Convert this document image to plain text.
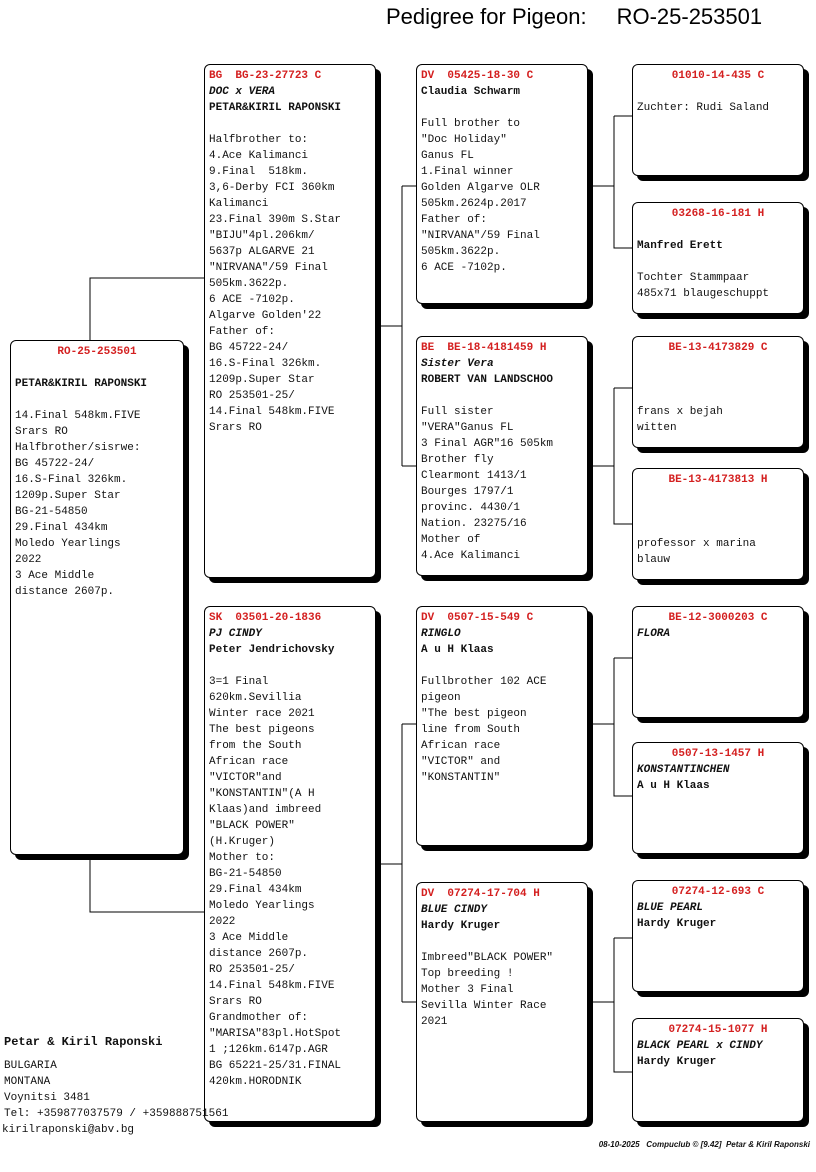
Pedigree for Pigeon: RO-25-253501
RO-25-253501
PETAR&KIRIL RAPONSKI
14.Final 548km.FIVE
Srars RO
Halfbrother/sisrwe:
BG 45722-24/
16.S-Final 326km.
1209p.Super Star
BG-21-54850
29.Final 434km
Moledo Yearlings
2022
3 Ace Middle
distance 2607p.
BG  BG-23-27723 C
DOC x VERA
PETAR&KIRIL RAPONSKI
Halfbrother to:
4.Ace Kalimanci
9.Final  518km.
3,6-Derby FCI 360km
Kalimanci
23.Final 390m S.Star
"BIJU"4pl.206km/
5637p ALGARVE 21
"NIRVANA"/59 Final
505km.3622p.
6 ACE -7102p.
Algarve Golden'22
Father of:
BG 45722-24/
16.S-Final 326km.
1209p.Super Star
RO 253501-25/
14.Final 548km.FIVE
Srars RO
SK  03501-20-1836
PJ CINDY
Peter Jendrichovsky
3=1 Final
620km.Sevillia
Winter race 2021
The best pigeons
from the South
African race
"VICTOR"and
"KONSTANTIN"(A H
Klaas)and imbreed
"BLACK POWER"
(H.Kruger)
Mother to:
BG-21-54850
29.Final 434km
Moledo Yearlings
2022
3 Ace Middle
distance 2607p.
RO 253501-25/
14.Final 548km.FIVE
Srars RO
Grandmother of:
"MARISA"83pl.HotSpot
1 ;126km.6147p.AGR
BG 65221-25/31.FINAL
420km.HORODNIK
DV  05425-18-30 C
Claudia Schwarm
Full brother to
"Doc Holiday"
Ganus FL
1.Final winner
Golden Algarve OLR
505km.2624p.2017
Father of:
"NIRVANA"/59 Final
505km.3622p.
6 ACE -7102p.
BE  BE-18-4181459 H
Sister Vera
ROBERT VAN LANDSCHOO
Full sister
"VERA"Ganus FL
3 Final AGR"16 505km
Brother fly
Clearmont 1413/1
Bourges 1797/1
provinc. 4430/1
Nation. 23275/16
Mother of
4.Ace Kalimanci
DV  0507-15-549 C
RINGLO
A u H Klaas
Fullbrother 102 ACE
pigeon
"The best pigeon
line from South
African race
"VICTOR" and
"KONSTANTIN"
DV  07274-17-704 H
BLUE CINDY
Hardy Kruger
Imbreed"BLACK POWER"
Top breeding !
Mother 3 Final
Sevilla Winter Race
2021
01010-14-435 C
Zuchter: Rudi Saland
03268-16-181 H
Manfred Erett
Tochter Stammpaar
485x71 blaugeschuppt
BE-13-4173829 C
frans x bejah
witten
BE-13-4173813 H
professor x marina
blauw
BE-12-3000203 C
FLORA
0507-13-1457 H
KONSTANTINCHEN
A u H Klaas
07274-12-693 C
BLUE PEARL
Hardy Kruger
07274-15-1077 H
BLACK PEARL x CINDY
Hardy Kruger
Petar & Kiril Raponski
BULGARIA
MONTANA
Voynitsi 3481
Tel: +359877037579 / +359888751561
kirilraponski@abv.bg
08-10-2025   Compuclub © [9.42]  Petar & Kiril Raponski
